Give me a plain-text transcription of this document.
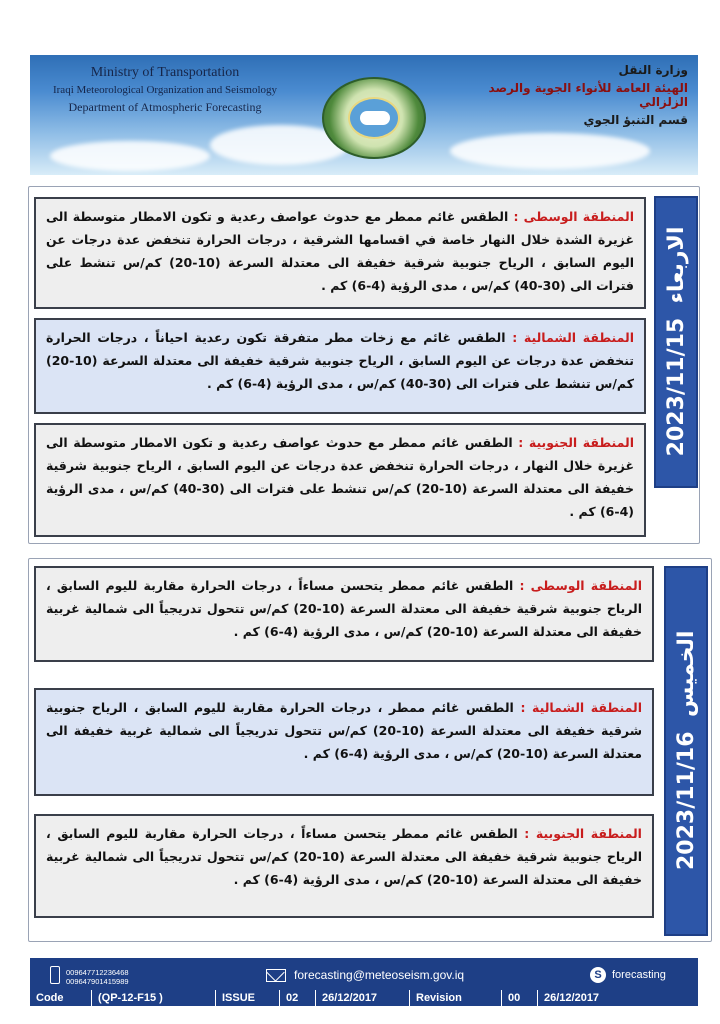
Ministry of Transportation
Iraqi Meteorological Organization and Seismology
Department of Atmospheric Forecasting
وزارة النقل
الهيئة العامة للأنواء الجوية والرصد الزلزالي
قسم التنبؤ الجوي
2023/11/15
الاربعاء
المنطقة الوسطى : الطقس غائم ممطر مع حدوث عواصف رعدية و تكون الامطار متوسطة الى غزيرة الشدة خلال النهار خاصة في اقسامها الشرقية ، درجات الحرارة تنخفض عدة درجات عن اليوم السابق ، الرياح جنوبية شرقية خفيفة الى معتدلة السرعة (10-20) كم/س تنشط على فترات الى (30-40) كم/س ، مدى الرؤية (4-6) كم .
المنطقة الشمالية : الطقس غائم مع زخات مطر متفرقة تكون رعدية احياناً ، درجات الحرارة تنخفض عدة درجات عن اليوم السابق ، الرياح جنوبية شرقية خفيفة الى معتدلة السرعة (10-20) كم/س تنشط على فترات الى (30-40) كم/س ، مدى الرؤية (4-6) كم .
المنطقة الجنوبية : الطقس غائم ممطر مع حدوث عواصف رعدية و تكون الامطار متوسطة الى غزيرة خلال النهار ، درجات الحرارة تنخفض عدة درجات عن اليوم السابق ، الرياح جنوبية شرقية خفيفة الى معتدلة السرعة (10-20) كم/س تنشط على فترات الى (30-40) كم/س ، مدى الرؤية (4-6) كم .
2023/11/16
الخميس
المنطقة الوسطى : الطقس غائم ممطر يتحسن مساءاً ، درجات الحرارة مقاربة لليوم السابق ، الرياح جنوبية شرقية خفيفة الى معتدلة السرعة (10-20) كم/س تتحول تدريجياً الى شمالية غربية خفيفة الى معتدلة السرعة (10-20) كم/س ، مدى الرؤية (4-6) كم .
المنطقة الشمالية : الطقس غائم ممطر ، درجات الحرارة مقاربة لليوم السابق ، الرياح جنوبية شرقية خفيفة الى معتدلة السرعة (10-20) كم/س تتحول تدريجياً الى شمالية غربية خفيفة الى معتدلة السرعة (10-20) كم/س ، مدى الرؤية (4-6) كم .
المنطقة الجنوبية : الطقس غائم ممطر يتحسن مساءاً ، درجات الحرارة مقاربة لليوم السابق ، الرياح جنوبية شرقية خفيفة الى معتدلة السرعة (10-20) كم/س تتحول تدريجياً الى شمالية غربية خفيفة الى معتدلة السرعة (10-20) كم/س ، مدى الرؤية (4-6) كم .
009647712236468
009647901415989	forecasting@meteoseism.gov.iq	S forecasting
Code	(QP-12-F15 )	ISSUE	02	26/12/2017	Revision	00	26/12/2017
